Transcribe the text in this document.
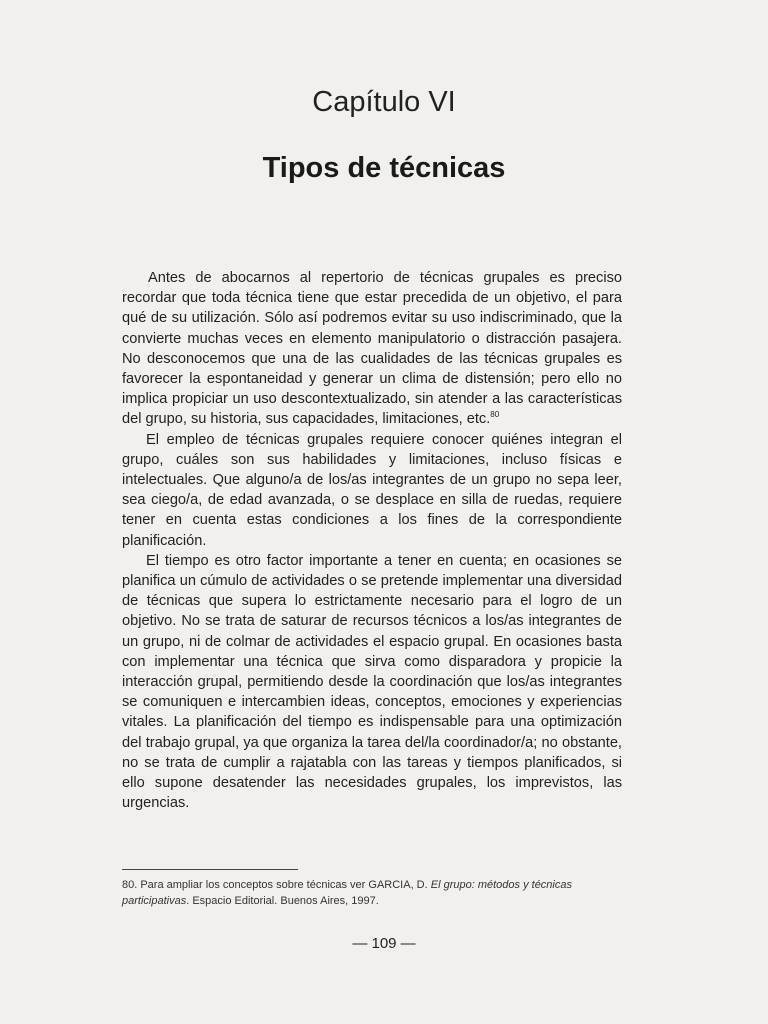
Capítulo VI
Tipos de técnicas

Antes de abocarnos al repertorio de técnicas grupales es preciso recordar que toda técnica tiene que estar precedida de un objetivo, el para qué de su utilización. Sólo así podremos evitar su uso indiscriminado, que la convierte muchas veces en elemento manipulatorio o distracción pasajera. No desconocemos que una de las cualidades de las técnicas grupales es favorecer la espontaneidad y generar un clima de distensión; pero ello no implica propiciar un uso descontextualizado, sin atender a las características del grupo, su historia, sus capacidades, limitaciones, etc.$^{80}$

El empleo de técnicas grupales requiere conocer quiénes integran el grupo, cuáles son sus habilidades y limitaciones, incluso físicas e intelectuales. Que alguno/a de los/as integrantes de un grupo no sepa leer, sea ciego/a, de edad avanzada, o se desplace en silla de ruedas, requiere tener en cuenta estas condiciones a los fines de la correspondiente planificación.

El tiempo es otro factor importante a tener en cuenta; en ocasiones se planifica un cúmulo de actividades o se pretende implementar una diversidad de técnicas que supera lo estrictamente necesario para el logro de un objetivo. No se trata de saturar de recursos técnicos a los/as integrantes de un grupo, ni de colmar de actividades el espacio grupal. En ocasiones basta con implementar una técnica que sirva como disparadora y propicie la interacción grupal, permitiendo desde la coordinación que los/as integrantes se comuniquen e intercambien ideas, conceptos, emociones y experiencias vitales. La planificación del tiempo es indispensable para una optimización del trabajo grupal, ya que organiza la tarea del/la coordinador/a; no obstante, no se trata de cumplir a rajatabla con las tareas y tiempos planificados, si ello supone desatender las necesidades grupales, los imprevistos, las urgencias.

80. Para ampliar los conceptos sobre técnicas ver GARCIA, D. El grupo: métodos y técnicas participativas. Espacio Editorial. Buenos Aires, 1997.
— 109 —
